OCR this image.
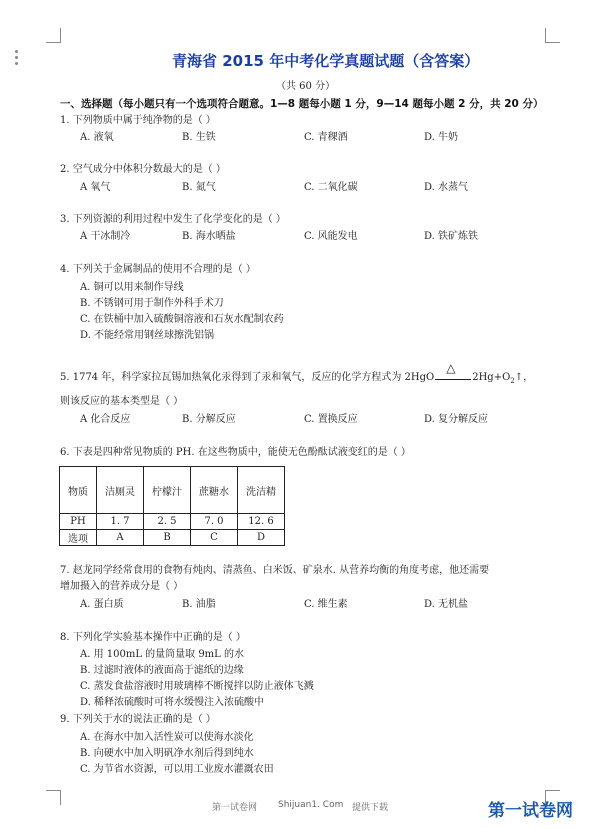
青海省 2015 年中考化学真题试题（含答案）
（共 60 分）
一、选择题（每小题只有一个选项符合题意。1—8 题每小题 1 分，9—14 题每小题 2 分，共 20 分）
1. 下列物质中属于纯净物的是（ ）
A. 液氧	B. 生铁	C. 青稞酒	D. 牛奶
2. 空气成分中体积分数最大的是（ ）
A 氧气	B. 氮气	C. 二氧化碳	D. 水蒸气
3. 下列资源的利用过程中发生了化学变化的是（ ）
A 干冰制冷	B. 海水晒盐	C. 风能发电	D. 铁矿炼铁
4. 下列关于金属制品的使用不合理的是（ ）
A. 铜可以用来制作导线
B. 不锈钢可用于制作外科手术刀
C. 在铁桶中加入硫酸铜溶液和石灰水配制农药
D. 不能经常用钢丝球擦洗铝锅
5. 1774 年，科学家拉瓦锡加热氧化汞得到了汞和氧气，反应的化学方程式为 2HgO
△
$2Hg+O_2↑$，
则该反应的基本类型是（ ）
A 化合反应	B. 分解反应	C. 置换反应	D. 复分解反应
6. 下表是四种常见物质的 PH. 在这些物质中，能使无色酚酞试液变红的是（ ）
物质	洁厕灵	柠檬汁	蔗糖水	洗洁精
PH	1. 7	2. 5	7. 0	12. 6
选项	A	B	C	D
7. 赵龙同学经常食用的食物有炖肉、清蒸鱼、白米饭、矿泉水. 从营养均衡的角度考虑，他还需要
增加摄入的营养成分是（ ）
A. 蛋白质	B. 油脂	C. 维生素	D. 无机盐
8. 下列化学实验基本操作中正确的是（ ）
A. 用 100mL 的量筒量取 9mL 的水
B. 过滤时液体的液面高于滤纸的边缘
C. 蒸发食盐溶液时用玻璃棒不断搅拌以防止液体飞溅
D. 稀释浓硫酸时可将水缓慢注入浓硫酸中
9. 下列关于水的说法正确的是（ ）
A. 在海水中加入活性炭可以使海水淡化
B. 向硬水中加入明矾净水剂后得到纯水
C. 为节省水资源，可以用工业废水灌溉农田
第一试卷网 Shijuan1. Com 提供下载	第一试卷网
